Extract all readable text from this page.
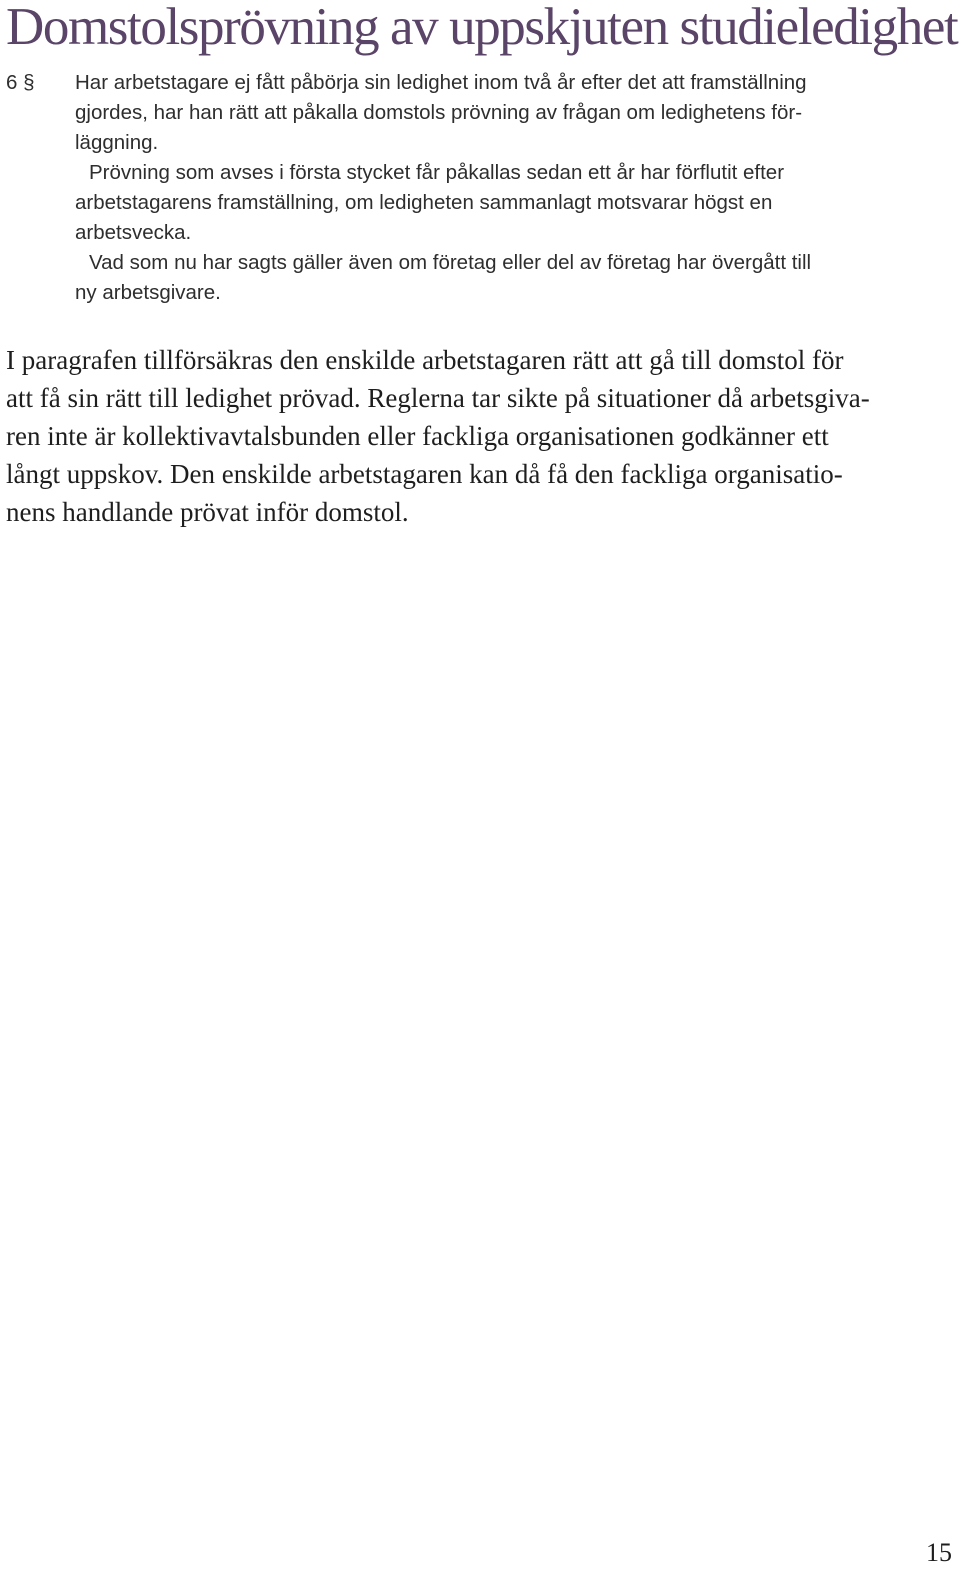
Domstolsprövning av uppskjuten studieledighet
6 § Har arbetstagare ej fått påbörja sin ledighet inom två år efter det att framställning
gjordes, har han rätt att påkalla domstols prövning av frågan om ledighetens för-
läggning.

Prövning som avses i första stycket får påkallas sedan ett år har förflutit efter
arbetstagarens framställning, om ledigheten sammanlagt motsvarar högst en
arbetsvecka.

Vad som nu har sagts gäller även om företag eller del av företag har övergått till
ny arbetsgivare.

I paragrafen tillförsäkras den enskilde arbetstagaren rätt att gå till domstol för
att få sin rätt till ledighet prövad. Reglerna tar sikte på situationer då arbetsgiva-
ren inte är kollektivavtalsbunden eller fackliga organisationen godkänner ett
långt uppskov. Den enskilde arbetstagaren kan då få den fackliga organisatio-
nens handlande prövat inför domstol.

15
